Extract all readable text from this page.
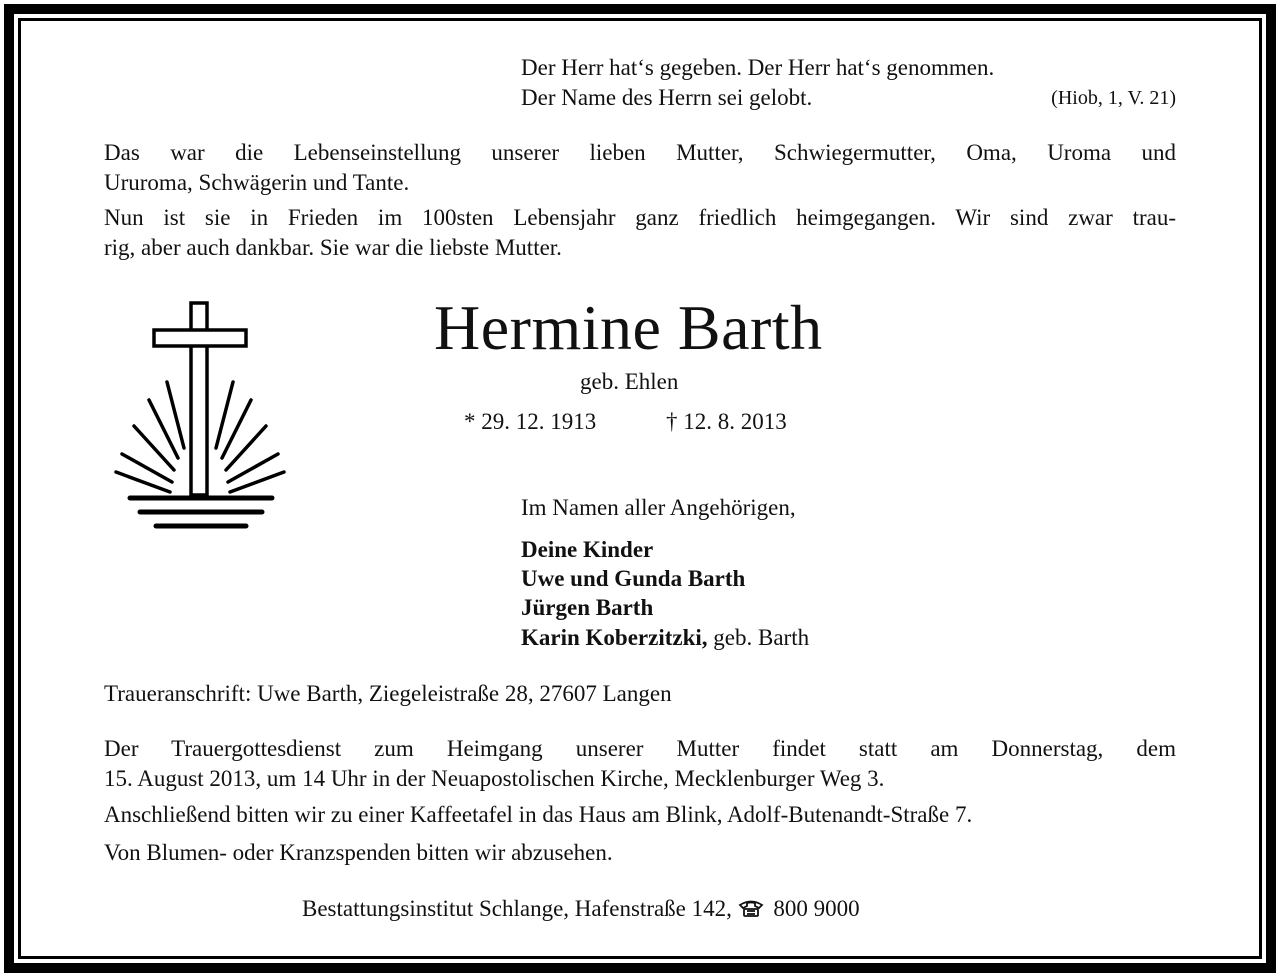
Der Herr hat‘s gegeben. Der Herr hat‘s genommen.
Der Name des Herrn sei gelobt.	(Hiob, 1, V. 21)
Das war die Lebenseinstellung unserer lieben Mutter, Schwiegermutter, Oma, Uroma und
Ururoma, Schwägerin und Tante.
Nun ist sie in Frieden im 100sten Lebensjahr ganz friedlich heimgegangen. Wir sind zwar trau-
rig, aber auch dankbar. Sie war die liebste Mutter.
Hermine Barth
geb. Ehlen
* 29. 12. 1913	† 12. 8. 2013
Im Namen aller Angehörigen,
Deine Kinder
Uwe und Gunda Barth
Jürgen Barth
Karin Koberzitzki, geb. Barth
Traueranschrift: Uwe Barth, Ziegeleistraße 28, 27607 Langen
Der Trauergottesdienst zum Heimgang unserer Mutter findet statt am Donnerstag, dem
15. August 2013, um 14 Uhr in der Neuapostolischen Kirche, Mecklenburger Weg 3.
Anschließend bitten wir zu einer Kaffeetafel in das Haus am Blink, Adolf-Butenandt-Straße 7.
Von Blumen- oder Kranzspenden bitten wir abzusehen.
Bestattungsinstitut Schlange, Hafenstraße 142, 800 9000
